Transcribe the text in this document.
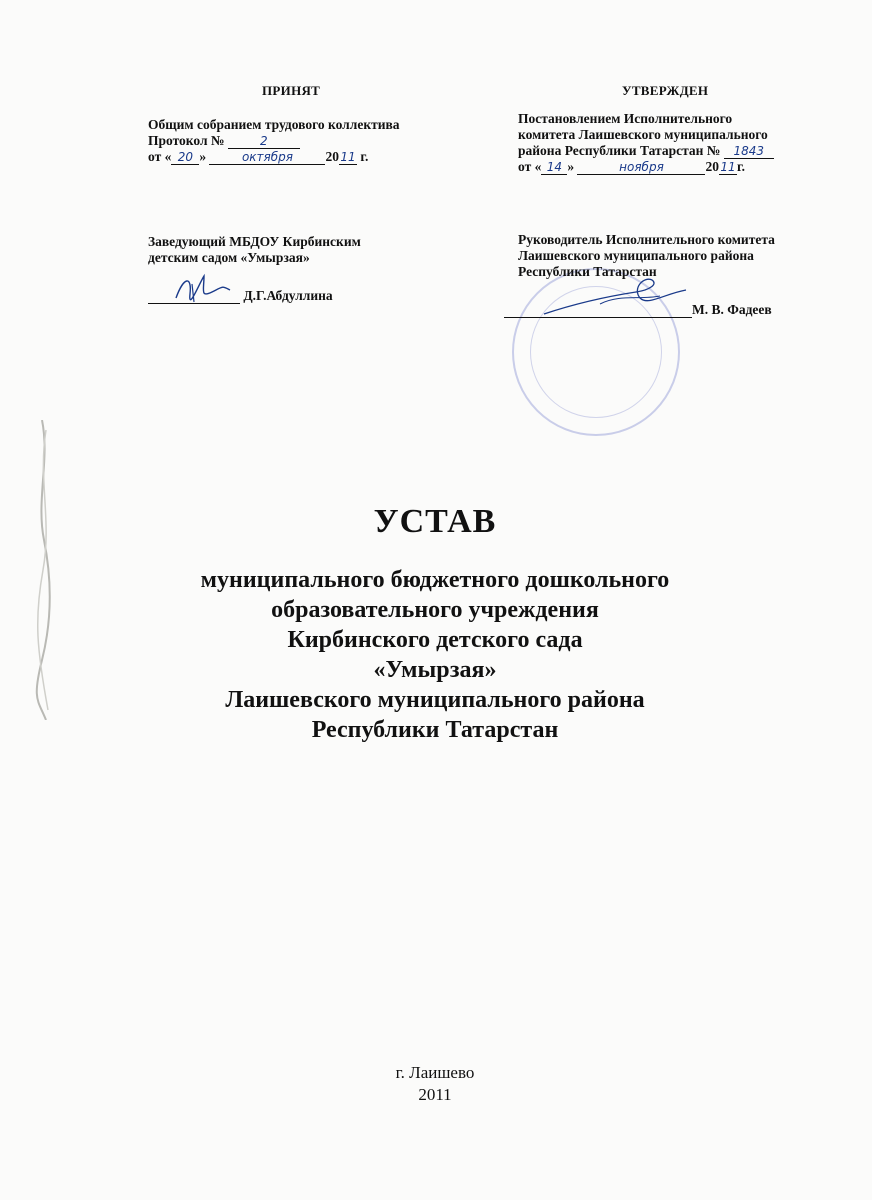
ПРИНЯТ
Общим собранием трудового коллектива
Протокол №	2
от « 20 »	октября 2011 г.
Заведующий МБДОУ Кирбинским
детским садом «Умырзая»
Д.Г.Абдуллина
УТВЕРЖДЕН
Постановлением Исполнительного
комитета Лаишевского муниципального
района Республики Татарстан № 1843
от « 14 »	ноября	2011г.
Руководитель Исполнительного комитета
Лаишевского муниципального района
Республики Татарстан
М. В. Фадеев
УСТАВ
муниципального бюджетного дошкольного
образовательного учреждения
Кирбинского детского сада
«Умырзая»
Лаишевского муниципального района
Республики Татарстан
г. Лаишево
2011
